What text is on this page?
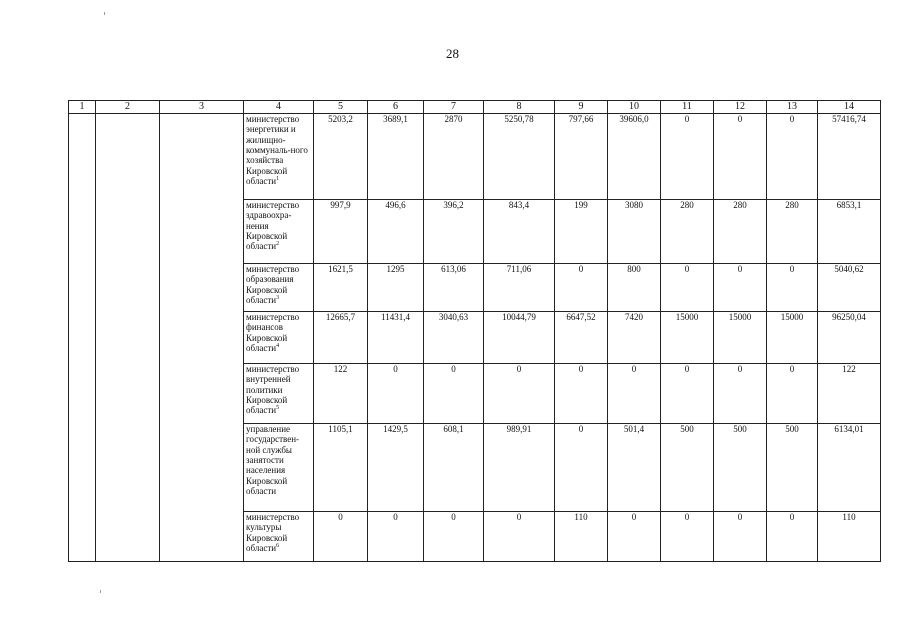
28
1	2	3	4	5	6	7	8	9	10	11	12	13	14
			министерство энергетики и жилищно-коммуналь-ного хозяйства Кировской области$^1$	5203,2	3689,1	2870	5250,78	797,66	39606,0	0	0	0	57416,74
			министерство здравоохра-нения Кировской области$^2$	997,9	496,6	396,2	843,4	199	3080	280	280	280	6853,1
			министерство образования Кировской области$^3$	1621,5	1295	613,06	711,06	0	800	0	0	0	5040,62
			министерство финансов Кировской области$^4$	12665,7	11431,4	3040,63	10044,79	6647,52	7420	15000	15000	15000	96250,04
			министерство внутренней политики Кировской области$^5$	122	0	0	0	0	0	0	0	0	122
			управление государствен-ной службы занятости населения Кировской области	1105,1	1429,5	608,1	989,91	0	501,4	500	500	500	6134,01
			министерство культуры Кировской области$^6$	0	0	0	0	110	0	0	0	0	110
